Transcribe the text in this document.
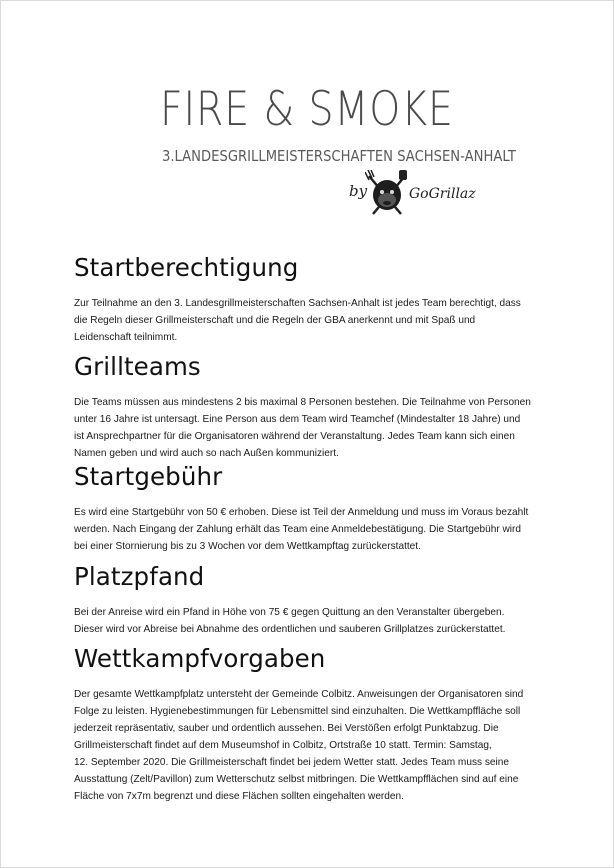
FIRE & SMOKE
3.LANDESGRILLMEISTERSCHAFTEN SACHSEN-ANHALT
by	GoGrillaz
Startberechtigung

Zur Teilnahme an den 3. Landesgrillmeisterschaften Sachsen-Anhalt ist jedes Team berechtigt, dass
die Regeln dieser Grillmeisterschaft und die Regeln der GBA anerkennt und mit Spaß und
Leidenschaft teilnimmt.

Grillteams

Die Teams müssen aus mindestens 2 bis maximal 8 Personen bestehen. Die Teilnahme von Personen
unter 16 Jahre ist untersagt. Eine Person aus dem Team wird Teamchef (Mindestalter 18 Jahre) und
ist Ansprechpartner für die Organisatoren während der Veranstaltung. Jedes Team kann sich einen
Namen geben und wird auch so nach Außen kommuniziert.

Startgebühr

Es wird eine Startgebühr von 50 € erhoben. Diese ist Teil der Anmeldung und muss im Voraus bezahlt
werden. Nach Eingang der Zahlung erhält das Team eine Anmeldebestätigung. Die Startgebühr wird
bei einer Stornierung bis zu 3 Wochen vor dem Wettkampftag zurückerstattet.

Platzpfand

Bei der Anreise wird ein Pfand in Höhe von 75 € gegen Quittung an den Veranstalter übergeben.
Dieser wird vor Abreise bei Abnahme des ordentlichen und sauberen Grillplatzes zurückerstattet.

Wettkampfvorgaben

Der gesamte Wettkampfplatz untersteht der Gemeinde Colbitz. Anweisungen der Organisatoren sind
Folge zu leisten. Hygienebestimmungen für Lebensmittel sind einzuhalten. Die Wettkampffläche soll
jederzeit repräsentativ, sauber und ordentlich aussehen. Bei Verstößen erfolgt Punktabzug. Die
Grillmeisterschaft findet auf dem Museumshof in Colbitz, Ortstraße 10 statt. Termin: Samstag,
12. September 2020. Die Grillmeisterschaft findet bei jedem Wetter statt. Jedes Team muss seine
Ausstattung (Zelt/Pavillon) zum Wetterschutz selbst mitbringen. Die Wettkampfflächen sind auf eine
Fläche von 7x7m begrenzt und diese Flächen sollten eingehalten werden.
